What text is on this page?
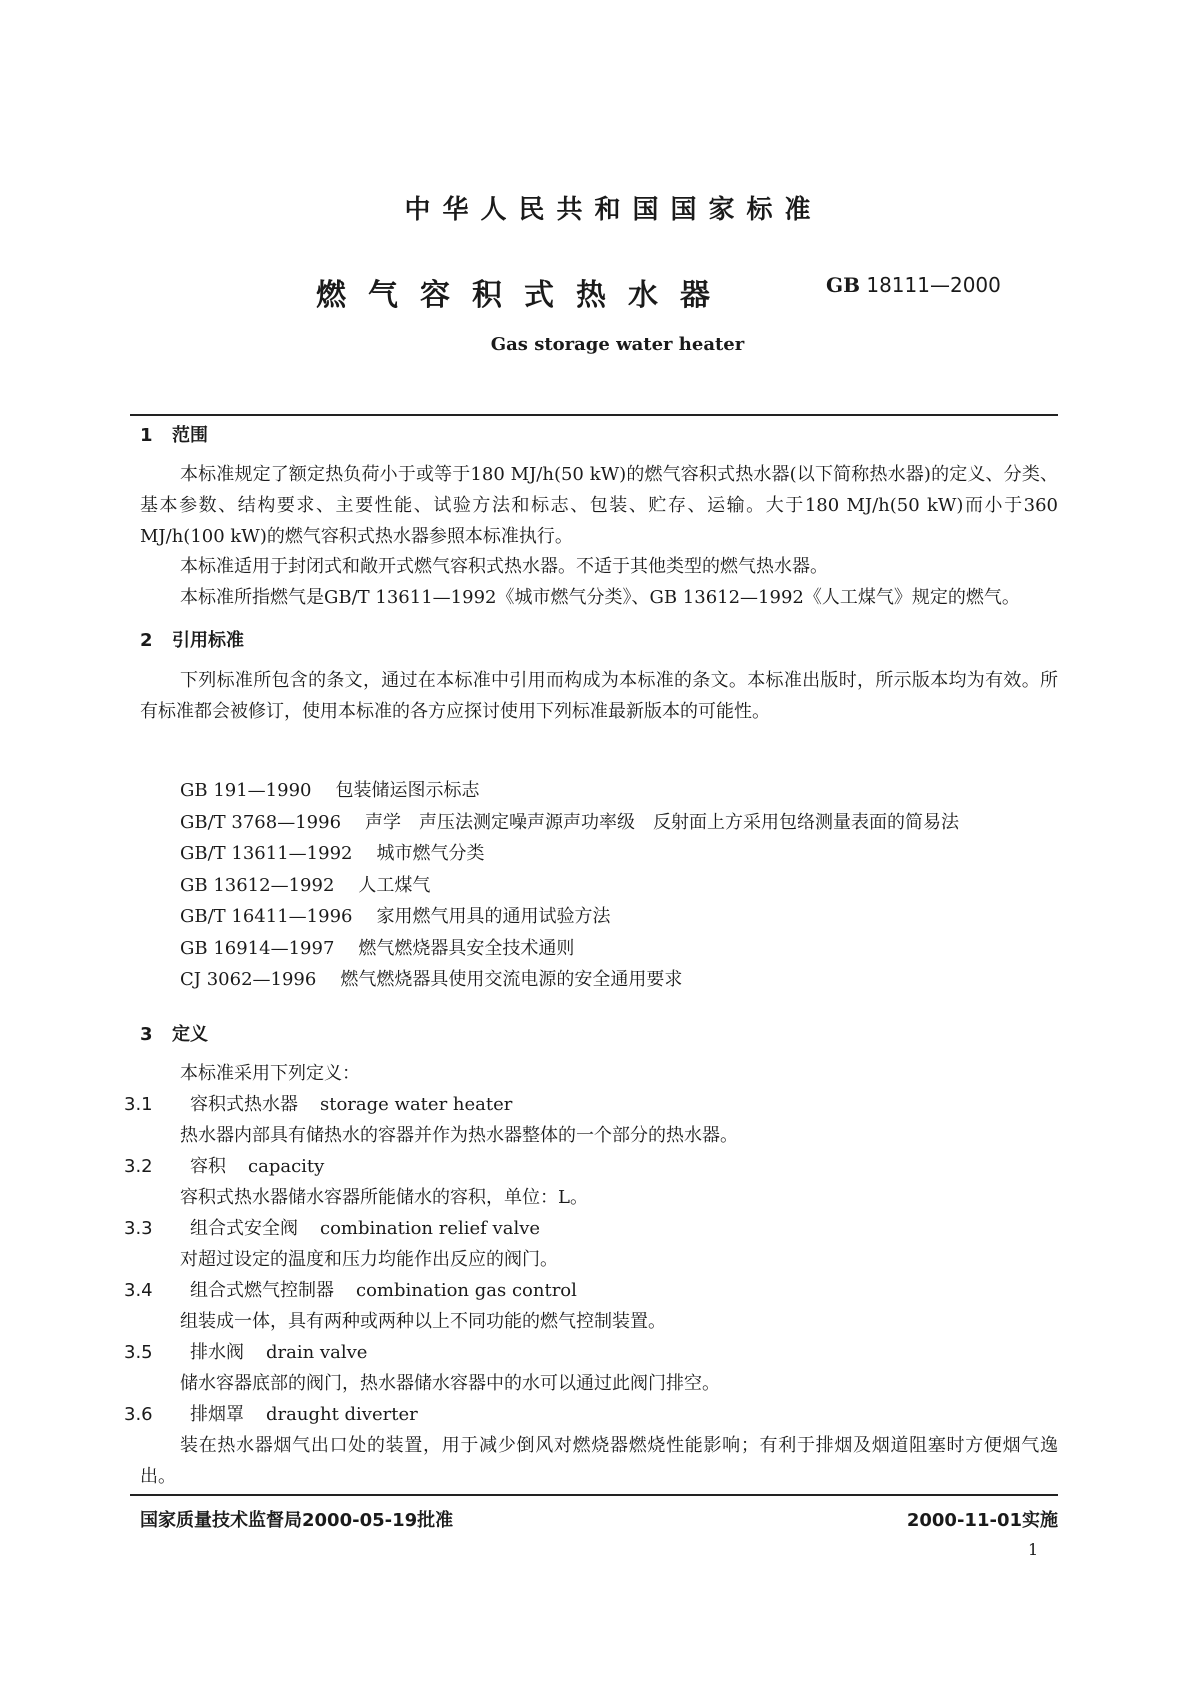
中华人民共和国国家标准
燃气容积式热水器	GB 18111—2000
Gas storage water heater
1 范围

本标准规定了额定热负荷小于或等于180 MJ/h(50 kW)的燃气容积式热水器(以下简称热水器)的定义、分类、基本参数、结构要求、主要性能、试验方法和标志、包装、贮存、运输。大于180 MJ/h(50 kW)而小于360 MJ/h(100 kW)的燃气容积式热水器参照本标准执行。

本标准适用于封闭式和敞开式燃气容积式热水器。不适于其他类型的燃气热水器。
本标准所指燃气是GB/T 13611—1992《城市燃气分类》、GB 13612—1992《人工煤气》规定的燃气。
2 引用标准

下列标准所包含的条文，通过在本标准中引用而构成为本标准的条文。本标准出版时，所示版本均为有效。所有标准都会被修订，使用本标准的各方应探讨使用下列标准最新版本的可能性。

GB 191—1990 包装储运图示标志
GB/T 3768—1996 声学　声压法测定噪声源声功率级　反射面上方采用包络测量表面的简易法
GB/T 13611—1992 城市燃气分类
GB 13612—1992 人工煤气
GB/T 16411—1996 家用燃气用具的通用试验方法
GB 16914—1997 燃气燃烧器具安全技术通则
CJ 3062—1996 燃气燃烧器具使用交流电源的安全通用要求
3 定义
本标准采用下列定义：
3.1 容积式热水器 storage water heater
热水器内部具有储热水的容器并作为热水器整体的一个部分的热水器。
3.2 容积 capacity
容积式热水器储水容器所能储水的容积，单位：L。
3.3 组合式安全阀 combination relief valve
对超过设定的温度和压力均能作出反应的阀门。
3.4 组合式燃气控制器 combination gas control
组装成一体，具有两种或两种以上不同功能的燃气控制装置。
3.5 排水阀 drain valve
储水容器底部的阀门，热水器储水容器中的水可以通过此阀门排空。
3.6 排烟罩 draught diverter

装在热水器烟气出口处的装置，用于减少倒风对燃烧器燃烧性能影响；有利于排烟及烟道阻塞时方便烟气逸出。

国家质量技术监督局2000-05-19批准	2000-11-01实施
1
